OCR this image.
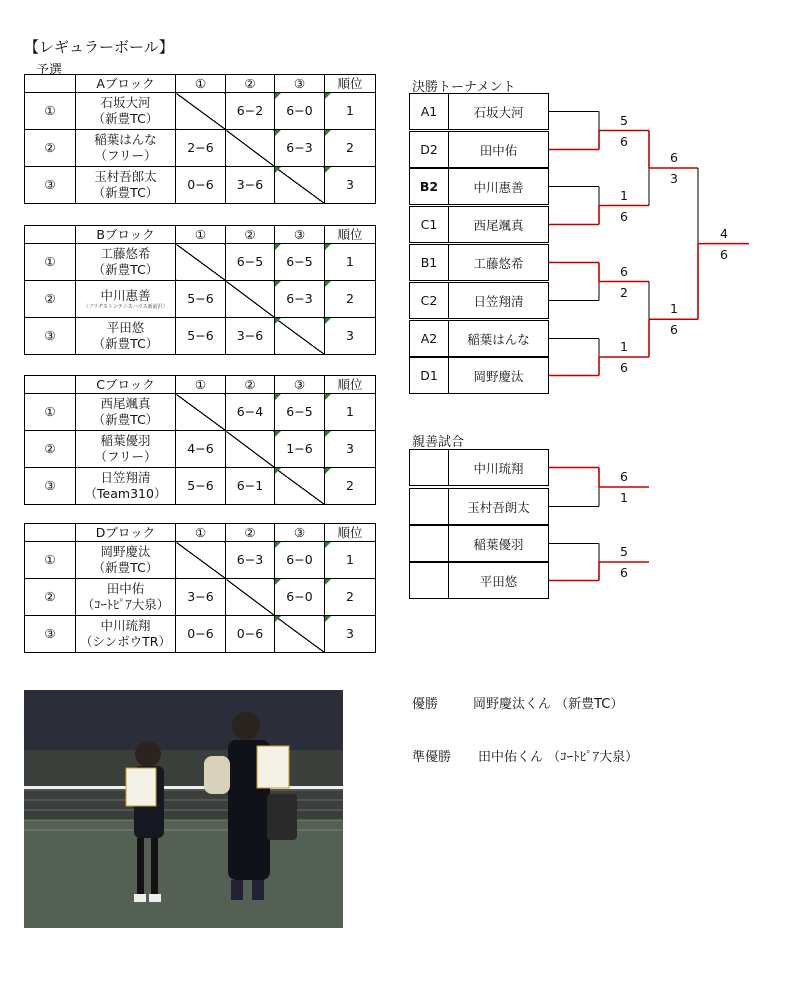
【レギュラーボール】
予選
	Aブロック	①	②	③	順位
①	石坂大河
（新豊TC）		6−2	6−0	1
②	稲葉はんな
（フリー）	2−6		6−3	2
③	玉村吾郎太
（新豊TC）	0−6	3−6		3
	Bブロック	①	②	③	順位
①	工藤悠希
（新豊TC）		6−5	6−5	1
②	中川惠善
（ブリヂストンテニスハウス新前沢）	5−6		6−3	2
③	平田悠
（新豊TC）	5−6	3−6		3
	Cブロック	①	②	③	順位
①	西尾颯真
（新豊TC）		6−4	6−5	1
②	稲葉優羽
（フリー）	4−6		1−6	3
③	日笠翔清
（Team310）	5−6	6−1		2
	Dブロック	①	②	③	順位
①	岡野慶汰
（新豊TC）		6−3	6−0	1
②	田中佑
（ｺｰﾄﾋﾟｱ大泉）	3−6		6−0	2
③	中川琉翔
（シンポウTR）	0−6	0−6		3
決勝トーナメント
A1	石坂大河
D2	田中佑
B2	中川惠善
C1	西尾颯真
B1	工藤悠希
C2	日笠翔清
A2	稲葉はんな
D1	岡野慶汰
親善試合
中川琉翔
玉村吾朗太
稲葉優羽
平田悠
優勝	岡野慶汰くん （新豊TC）
準優勝 田中佑くん （ｺｰﾄﾋﾟｱ大泉）
5
6
1
6
6
2
1
6
6
3
1
6
4
6
6
1
5
6
